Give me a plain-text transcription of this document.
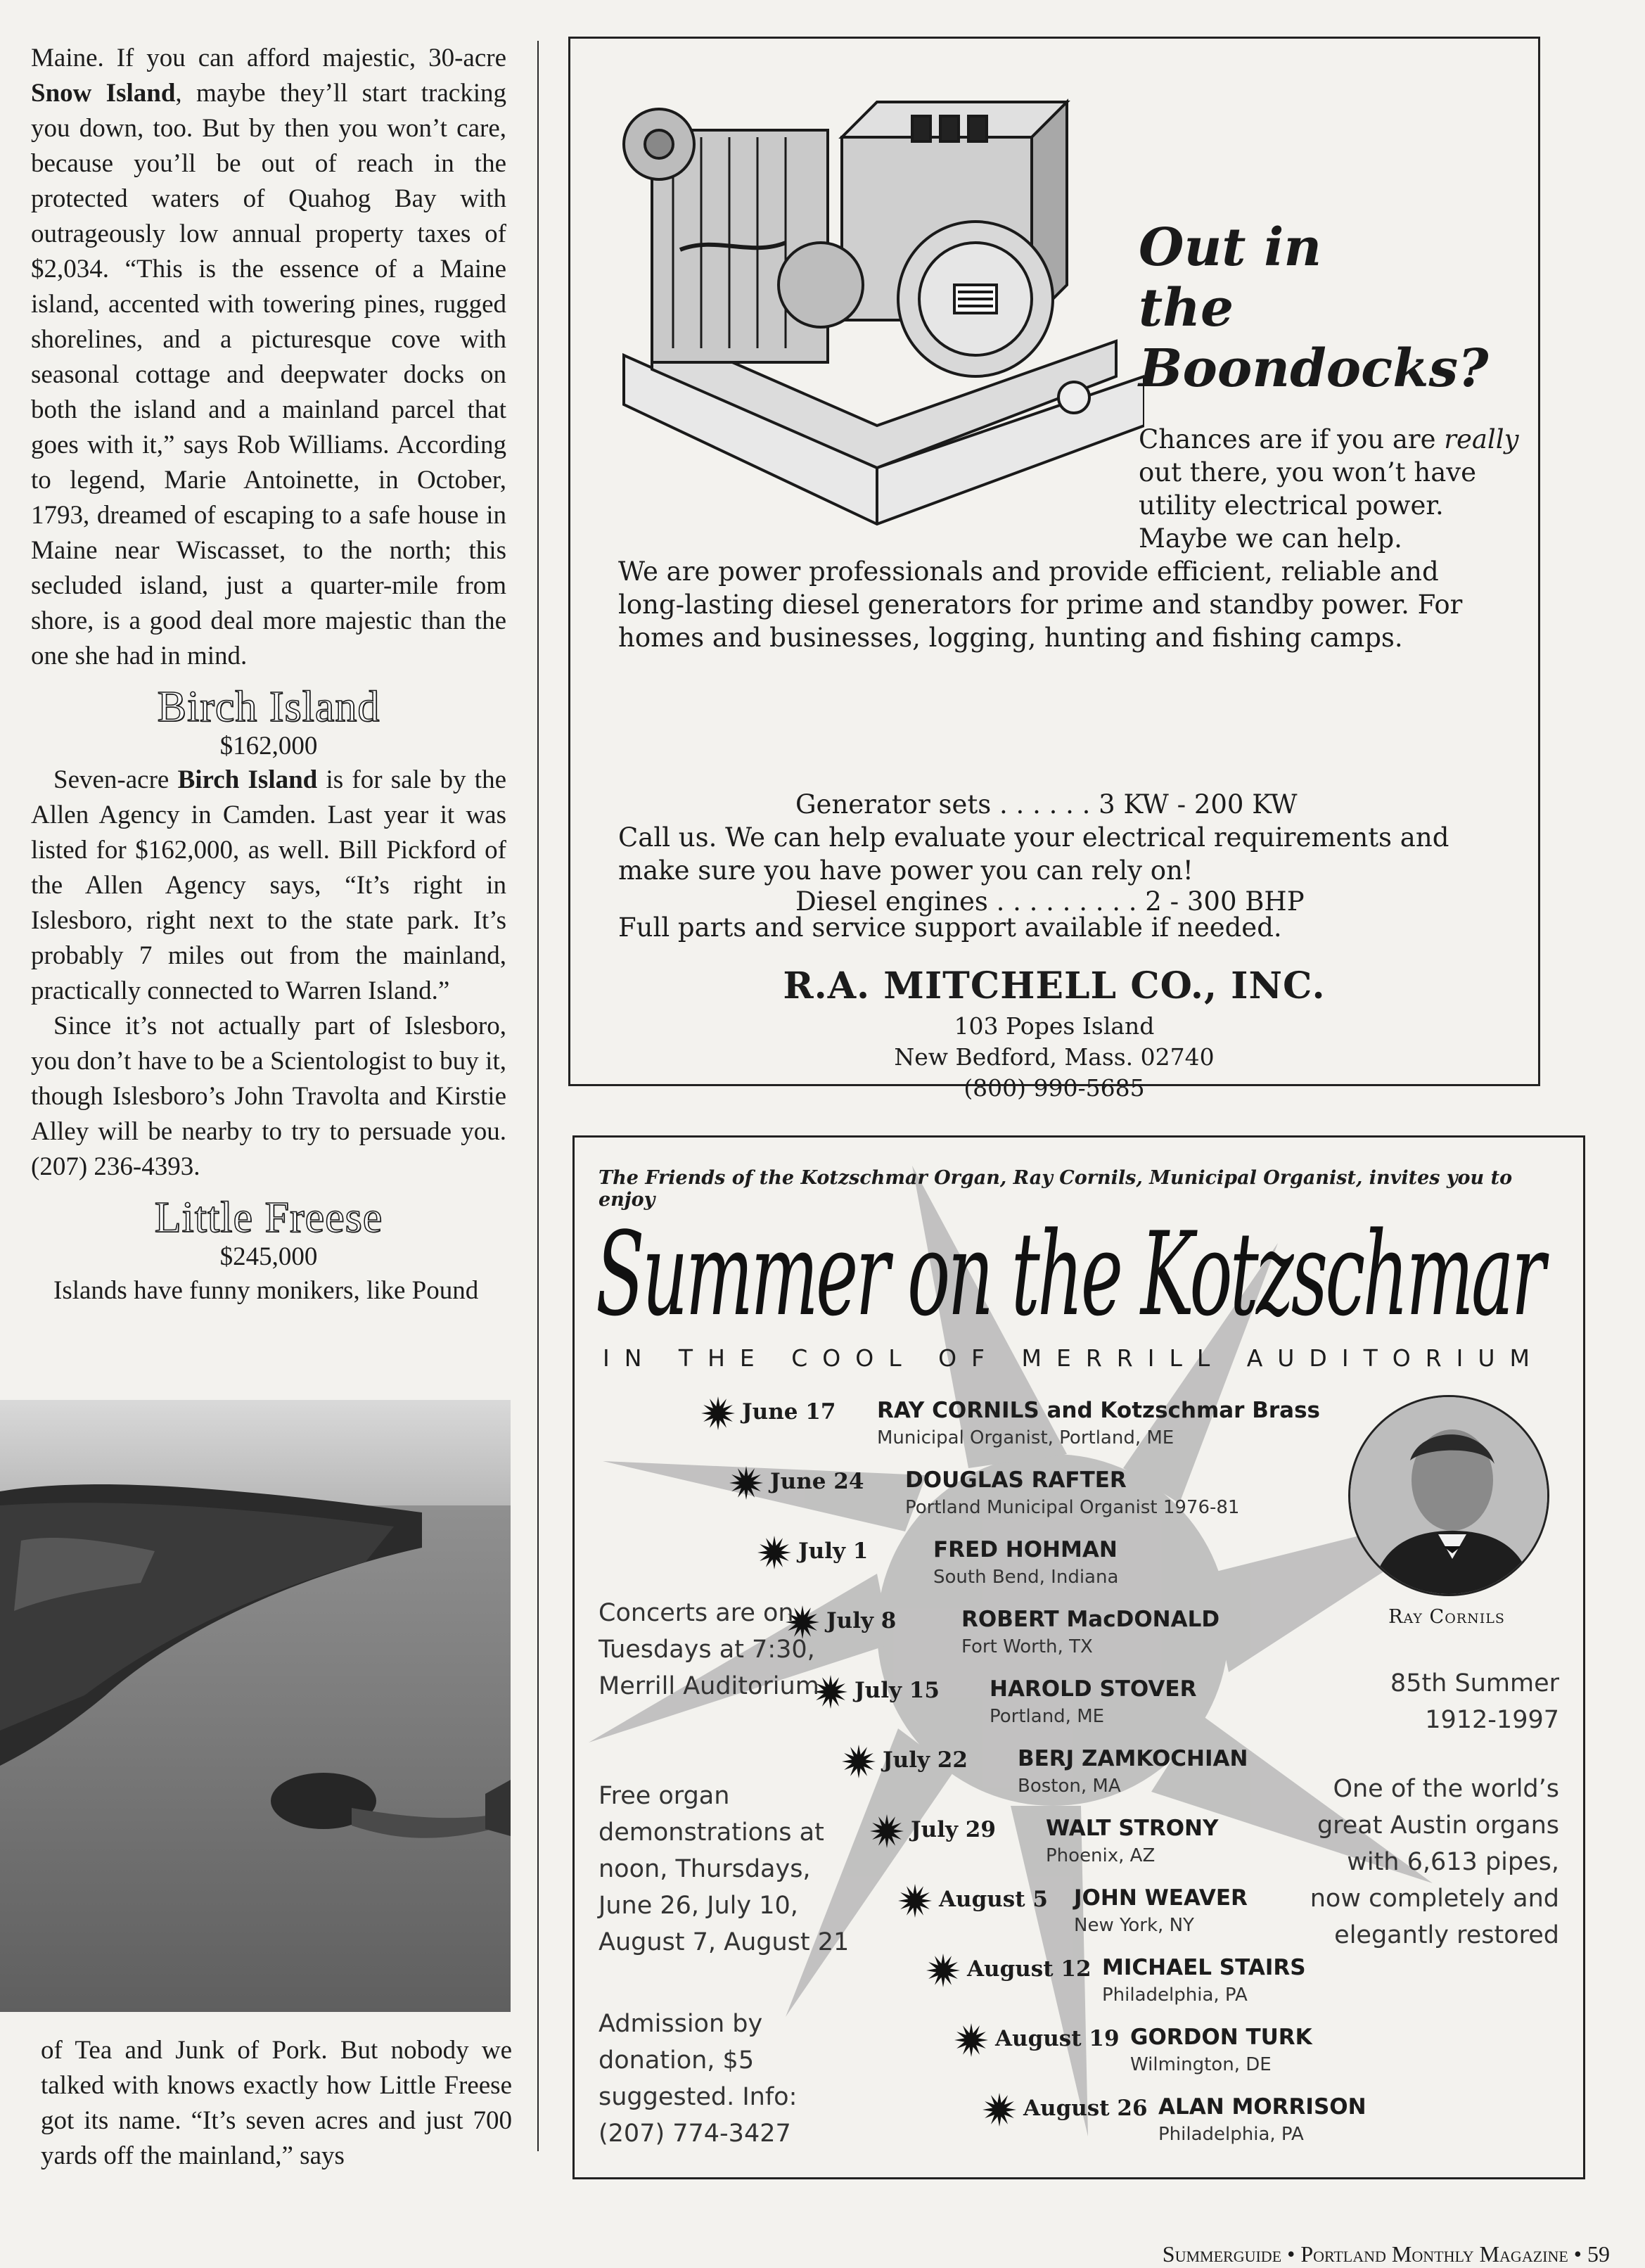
Maine. If you can afford majestic, 30-acre Snow Island, maybe they’ll start tracking you down, too. But by then you won’t care, because you’ll be out of reach in the protected waters of Quahog Bay with outrageously low annual property taxes of $2,034. “This is the essence of a Maine island, accented with towering pines, rugged shorelines, and a picturesque cove with seasonal cottage and deepwater docks on both the island and a mainland parcel that goes with it,” says Rob Williams. According to legend, Marie Antoinette, in October, 1793, dreamed of escaping to a safe house in Maine near Wiscasset, to the north; this secluded island, just a quarter-mile from shore, is a good deal more majestic than the one she had in mind.

Birch Island
$162,000

Seven-acre Birch Island is for sale by the Allen Agency in Camden. Last year it was listed for $162,000, as well. Bill Pickford of the Allen Agency says, “It’s right in Islesboro, right next to the state park. It’s probably 7 miles out from the mainland, practically connected to Warren Island.”

Since it’s not actually part of Islesboro, you don’t have to be a Scientologist to buy it, though Islesboro’s John Travolta and Kirstie Alley will be nearby to try to persuade you. (207) 236-4393.

Little Freese
$245,000

Islands have funny monikers, like Pound

of Tea and Junk of Pork. But nobody we talked with knows exactly how Little Freese got its name. “It’s seven acres and just 700 yards off the mainland,” says

Out in
the
Boondocks?
Chances are if you are really out there, you won’t have utility electrical power. Maybe we can help.
We are power professionals and provide efficient, reliable and long-lasting diesel generators for prime and standby power. For homes and businesses, logging, hunting and fishing camps.

Generator sets . . . . . . 3 KW - 200 KW

Diesel engines . . . . . . . . . 2 - 300 BHP

Call us. We can help evaluate your electrical requirements and make sure you have power you can rely on!
Full parts and service support available if needed.
R.A. MITCHELL CO., INC.
103 Popes Island
New Bedford, Mass. 02740
(800) 990-5685
The Friends of the Kotzschmar Organ, Ray Cornils, Municipal Organist, invites you to enjoy
Summer on the Kotzschmar
IN THE COOL OF MERRILL AUDITORIUM
June 17	RAY CORNILS and Kotzschmar Brass
Municipal Organist, Portland, ME
June 24	DOUGLAS RAFTER
Portland Municipal Organist 1976-81
July 1	FRED HOHMAN
South Bend, Indiana
July 8	ROBERT MacDONALD
Fort Worth, TX
July 15	HAROLD STOVER
Portland, ME
July 22	BERJ ZAMKOCHIAN
Boston, MA
July 29	WALT STRONY
Phoenix, AZ
August 5	JOHN WEAVER
New York, NY
August 12 MICHAEL STAIRS
Philadelphia, PA
August 19 GORDON TURK
Wilmington, DE
August 26 ALAN MORRISON
Philadelphia, PA
Concerts are on Tuesdays at 7:30, Merrill Auditorium
Free organ demonstrations at noon, Thursdays, June 26, July 10, August 7, August 21
Admission by donation, $5 suggested. Info: (207) 774-3427
Ray Cornils
85th Summer
1912-1997
One of the world’s great Austin organs with 6,613 pipes, now completely and elegantly restored
Summerguide • Portland Monthly Magazine • 59
